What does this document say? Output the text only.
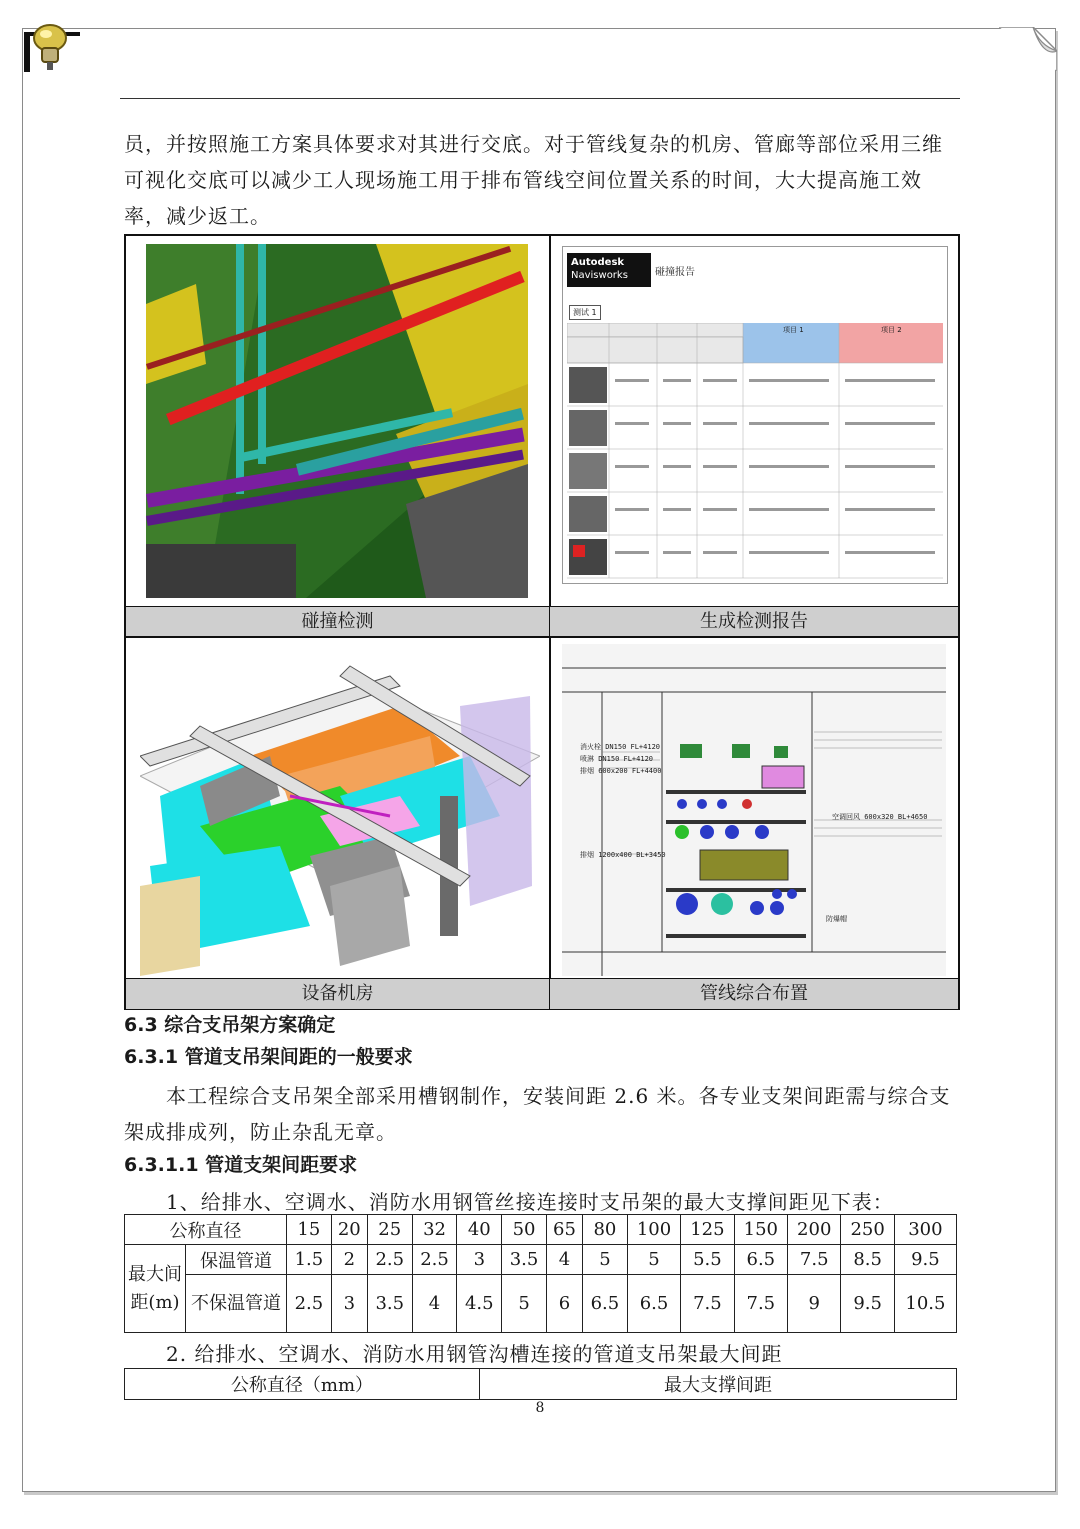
员，并按照施工方案具体要求对其进行交底。对于管线复杂的机房、管廊等部位采用三维可视化交底可以减少工人现场施工用于排布管线空间位置关系的时间，大大提高施工效率，减少返工。
Autodesk
Navisworks	碰撞报告
测试 1
项目 1	项目 2
碰撞检测	生成检测报告
消火栓 DN150 FL+4120
喷淋 DN150 FL+4120
排烟 600x200 FL+4400
排烟 1200x400 BL+3450
空调回风 600x320 BL+4650
防爆帽
设备机房	管线综合布置
6.3 综合支吊架方案确定
6.3.1 管道支吊架间距的一般要求
本工程综合支吊架全部采用槽钢制作，安装间距 2.6 米。各专业支架间距需与综合支架成排成列，防止杂乱无章。
6.3.1.1 管道支架间距要求
1、给排水、空调水、消防水用钢管丝接连接时支吊架的最大支撑间距见下表：
公称直径		15	20	25	32	40	50	65	80	100	125	150	200	250	300
最大间距(m)	保温管道	1.5	2	2.5	2.5	3	3.5	4	5	5	5.5	6.5	7.5	8.5	9.5
	不保温管道	2.5	3	3.5	4	4.5	5	6	6.5	6.5	7.5	7.5	9	9.5	10.5
2. 给排水、空调水、消防水用钢管沟槽连接的管道支吊架最大间距
公称直径（mm）	最大支撑间距
8
